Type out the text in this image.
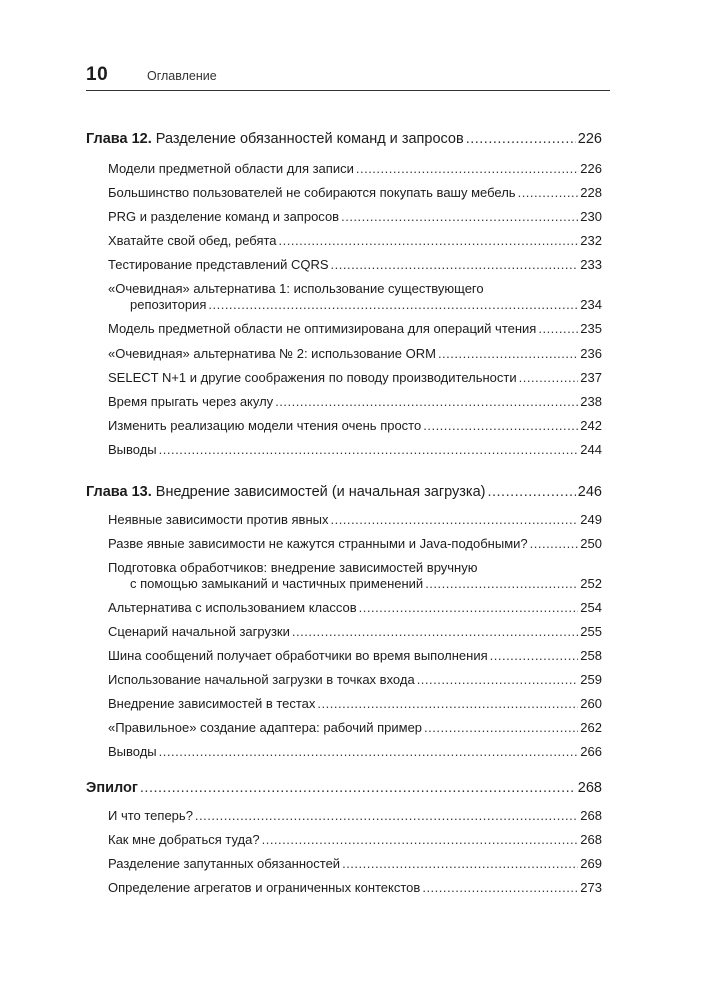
10	Оглавление
Глава 12. Разделение обязанностей команд и запросов .....	226
Модели предметной области для записи .....	226
Большинство пользователей не собираются покупать вашу мебель .....	228
PRG и разделение команд и запросов .....	230
Хватайте свой обед, ребята .....	232
Тестирование представлений CQRS .....	233
«Очевидная» альтернатива 1: использование существующего
репозитория .....	234
Модель предметной области не оптимизирована для операций чтения .....	235
«Очевидная» альтернатива № 2: использование ORM .....	236
SELECT N+1 и другие соображения по поводу производительности .....	237
Время прыгать через акулу .....	238
Изменить реализацию модели чтения очень просто .....	242
Выводы .....	244
Глава 13. Внедрение зависимостей (и начальная загрузка) .....	246
Неявные зависимости против явных .....	249
Разве явные зависимости не кажутся странными и Java-подобными? .....	250
Подготовка обработчиков: внедрение зависимостей вручную
с помощью замыканий и частичных применений .....	252
Альтернатива с использованием классов .....	254
Сценарий начальной загрузки .....	255
Шина сообщений получает обработчики во время выполнения .....	258
Использование начальной загрузки в точках входа .....	259
Внедрение зависимостей в тестах .....	260
«Правильное» создание адаптера: рабочий пример .....	262
Выводы .....	266
Эпилог .....	268
И что теперь? .....	268
Как мне добраться туда? .....	268
Разделение запутанных обязанностей .....	269
Определение агрегатов и ограниченных контекстов .....	273
